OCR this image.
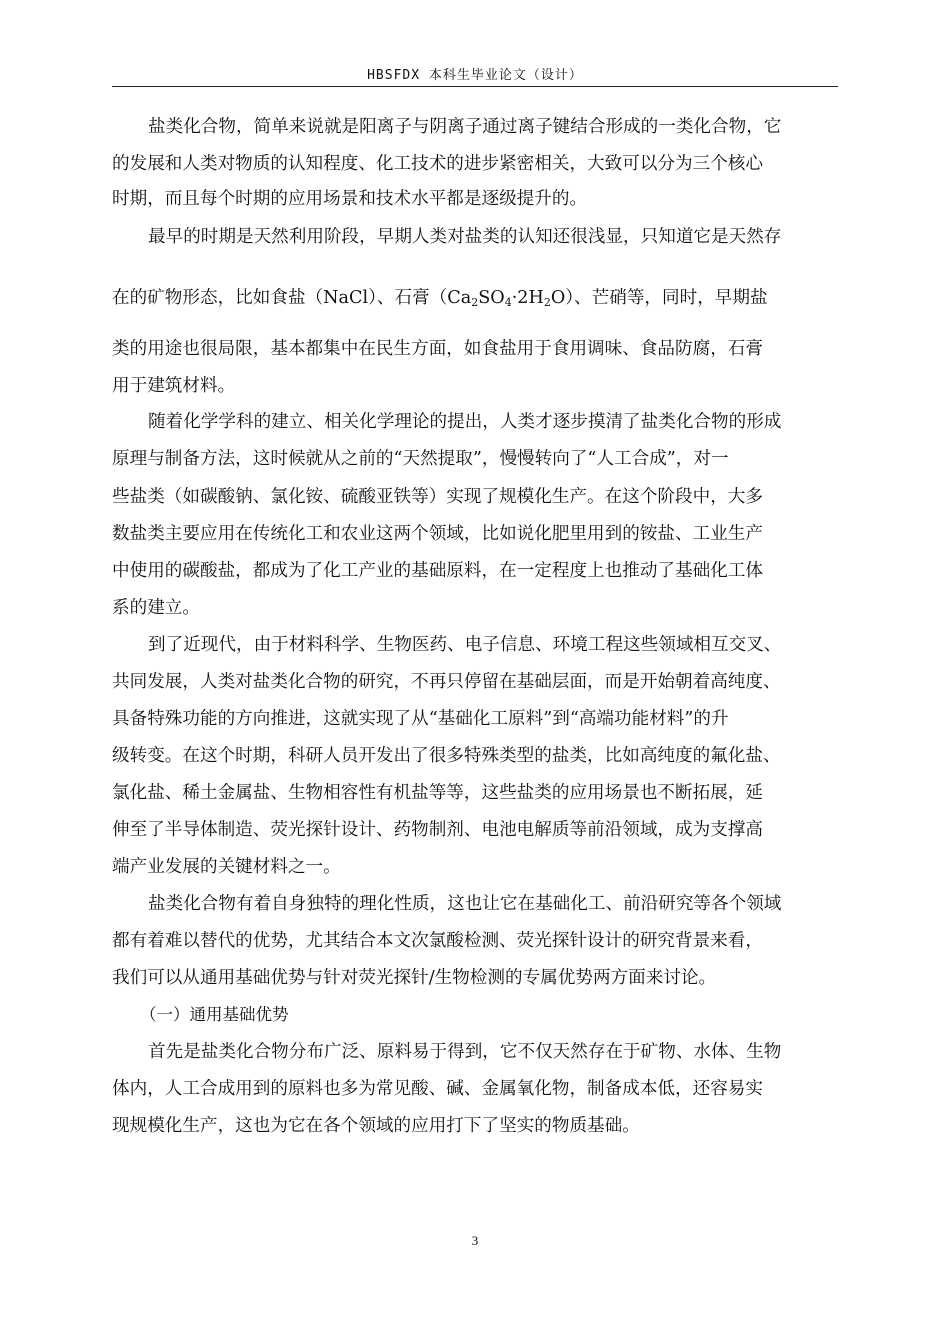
HBSFDX 本科生毕业论文（设计）
盐类化合物，简单来说就是阳离子与阴离子通过离子键结合形成的一类化合物，它
的发展和人类对物质的认知程度、化工技术的进步紧密相关，大致可以分为三个核心
时期，而且每个时期的应用场景和技术水平都是逐级提升的。
最早的时期是天然利用阶段，早期人类对盐类的认知还很浅显，只知道它是天然存
在的矿物形态，比如食盐（NaCl）、石膏$(Ca_2SO_4\cdot 2H_2O)$、芒硝等，同时，早期盐
类的用途也很局限，基本都集中在民生方面，如食盐用于食用调味、食品防腐，石膏
用于建筑材料。
随着化学学科的建立、相关化学理论的提出，人类才逐步摸清了盐类化合物的形成
原理与制备方法，这时候就从之前的“天然提取”，慢慢转向了“人工合成”，对一
些盐类（如碳酸钠、氯化铵、硫酸亚铁等）实现了规模化生产。在这个阶段中，大多
数盐类主要应用在传统化工和农业这两个领域，比如说化肥里用到的铵盐、工业生产
中使用的碳酸盐，都成为了化工产业的基础原料，在一定程度上也推动了基础化工体
系的建立。
到了近现代，由于材料科学、生物医药、电子信息、环境工程这些领域相互交叉、
共同发展，人类对盐类化合物的研究，不再只停留在基础层面，而是开始朝着高纯度、
具备特殊功能的方向推进，这就实现了从“基础化工原料”到“高端功能材料”的升
级转变。在这个时期，科研人员开发出了很多特殊类型的盐类，比如高纯度的氟化盐、
氯化盐、稀土金属盐、生物相容性有机盐等等，这些盐类的应用场景也不断拓展，延
伸至了半导体制造、荧光探针设计、药物制剂、电池电解质等前沿领域，成为支撑高
端产业发展的关键材料之一。
盐类化合物有着自身独特的理化性质，这也让它在基础化工、前沿研究等各个领域
都有着难以替代的优势，尤其结合本文次氯酸检测、荧光探针设计的研究背景来看，
我们可以从通用基础优势与针对荧光探针/生物检测的专属优势两方面来讨论。
（一）通用基础优势
首先是盐类化合物分布广泛、原料易于得到，它不仅天然存在于矿物、水体、生物
体内，人工合成用到的原料也多为常见酸、碱、金属氧化物，制备成本低，还容易实
现规模化生产，这也为它在各个领域的应用打下了坚实的物质基础。
3
